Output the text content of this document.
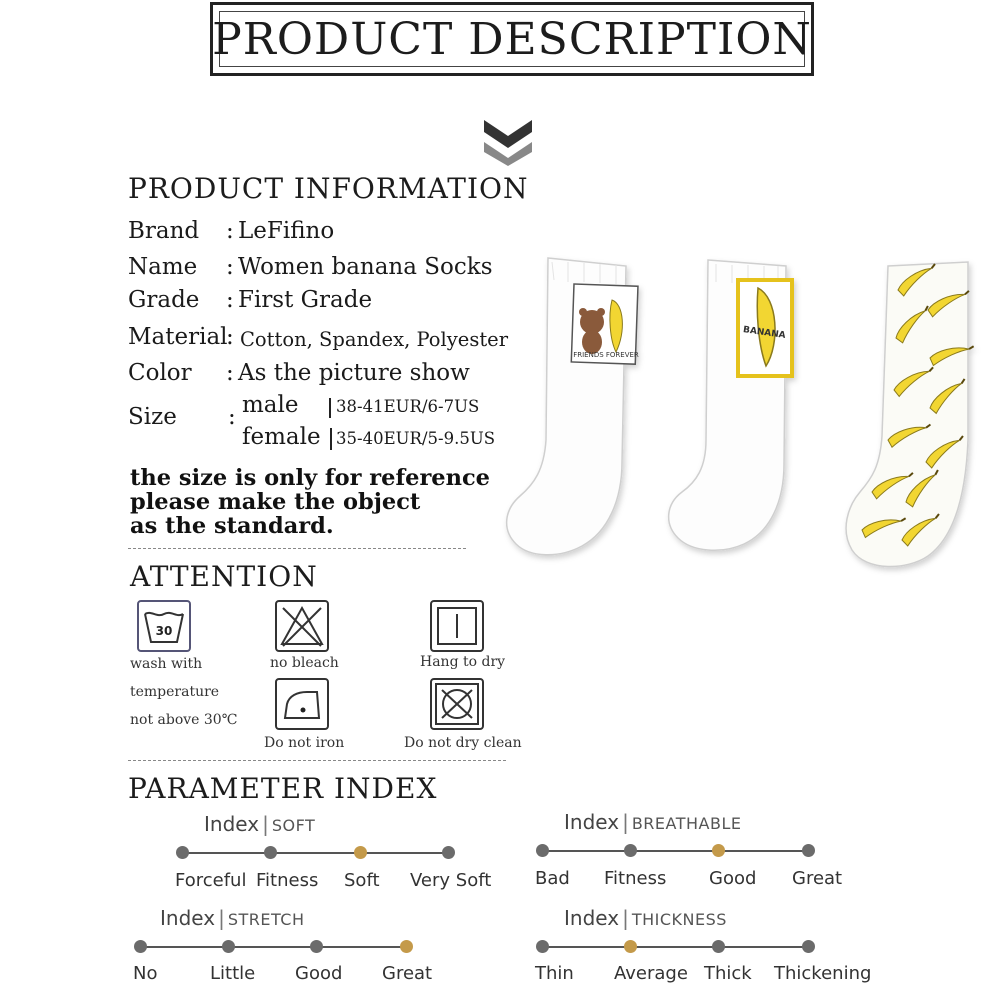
PRODUCT DESCRIPTION
PRODUCT INFORMATION
Brand : LeFifino
Name : Women banana Socks
Grade : First Grade
Material
: Cotton, Spandex, Polyester
Color : As the picture show
Size : male 38-41EUR/6-7US
female 35-40EUR/5-9.5US
the size is only for reference
please make the object
as the standard.
FRIENDS FOREVER
BANANA
ATTENTION
30
wash with
temperature
not above 30℃
no bleach	Hang to dry
Do not iron	Do not dry clean
PARAMETER INDEX
Index | SOFT
Forceful Fitness Soft Very Soft
Index | BREATHABLE
Bad Fitness Good Great
Index | STRETCH
No	Little Good Great
Index | THICKNESS
Thin Average Thick Thickening
